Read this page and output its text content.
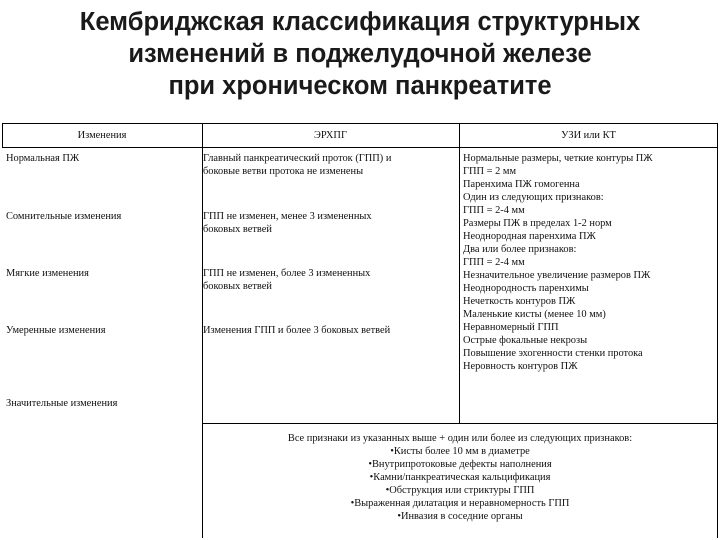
Кембриджская классификация структурных
изменений в поджелудочной железе
при хроническом панкреатите
Изменения	ЭРХПГ	УЗИ или КТ
Нормальная ПЖ
Сомнительные изменения
Мягкие изменения
Умеренные изменения
Значительные изменения
Главный панкреатический проток (ГПП) и
боковые ветви протока не изменены
ГПП не изменен, менее 3 измененных
боковых ветвей
ГПП не изменен, более 3 измененных
боковых ветвей
Изменения ГПП и более 3 боковых ветвей
Нормальные размеры, четкие контуры ПЖ
ГПП = 2 мм
Паренхима ПЖ гомогенна
Один из следующих признаков:
ГПП = 2-4 мм
Размеры ПЖ в пределах 1-2 норм
Неоднородная паренхима ПЖ
Два или более признаков:
ГПП = 2-4 мм
Незначительное увеличение размеров ПЖ
Неоднородность паренхимы
Нечеткость контуров ПЖ
Маленькие кисты (менее 10 мм)
Неравномерный ГПП
Острые фокальные некрозы
Повышение эхогенности стенки протока
Неровность контуров ПЖ
Все признаки из указанных выше + один или более из следующих признаков:
•Кисты более 10 мм в диаметре
•Внутрипротоковые дефекты наполнения
•Камни/панкреатическая кальцификация
•Обструкция или стриктуры ГПП
•Выраженная дилатация и неравномерность ГПП
•Инвазия в соседние органы
